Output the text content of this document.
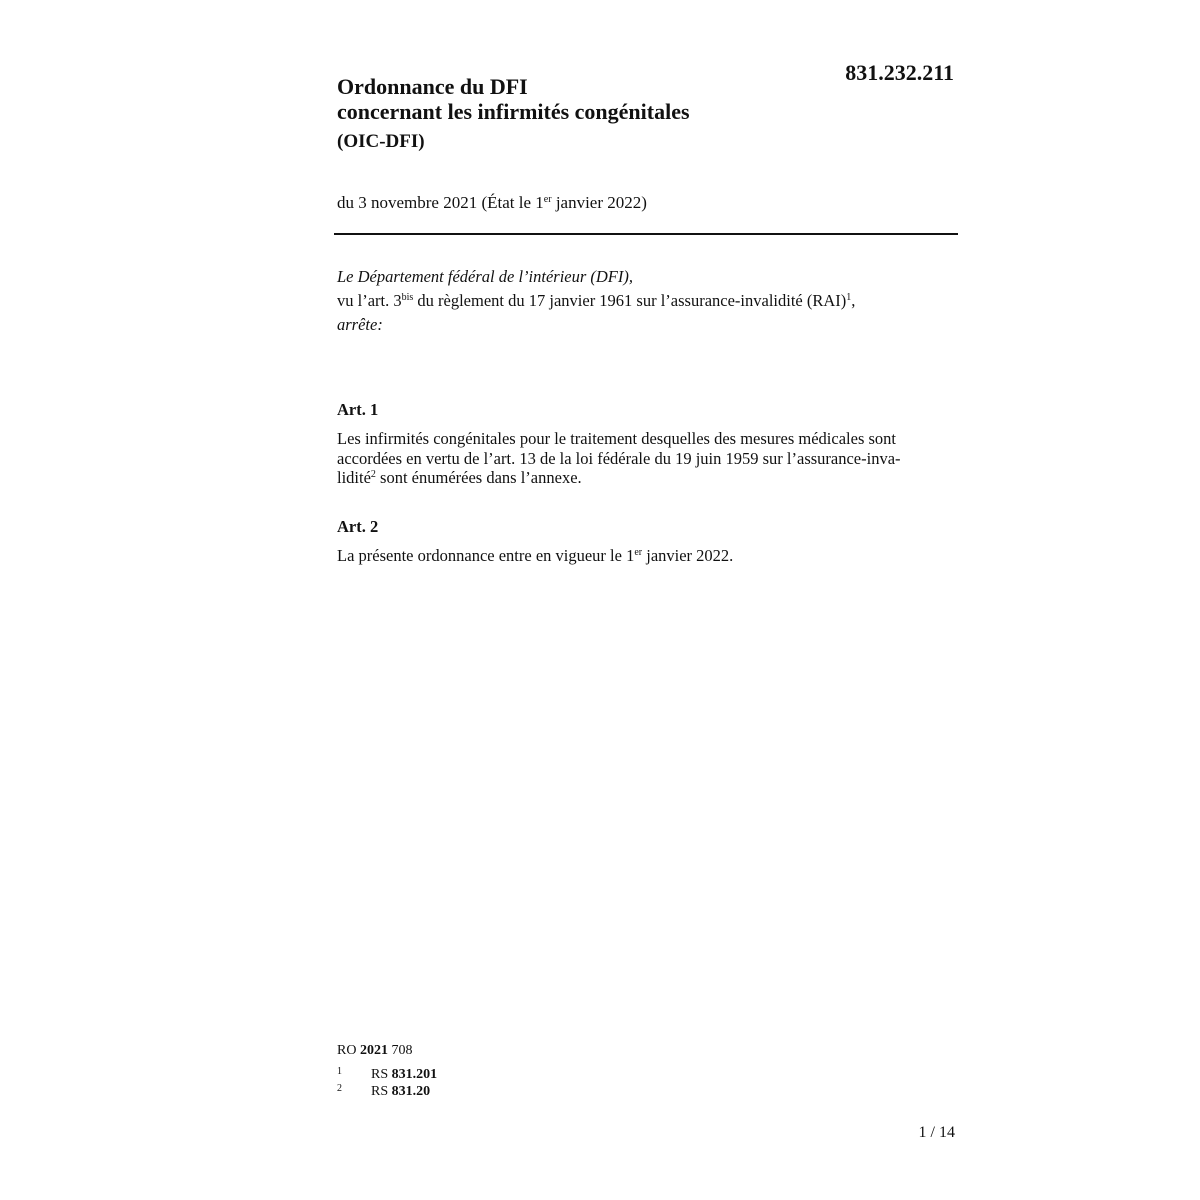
831.232.211
Ordonnance du DFI
concernant les infirmités congénitales
(OIC-DFI)
du 3 novembre 2021 (État le 1er janvier 2022)
Le Département fédéral de l’intérieur (DFI),
vu l’art. $3^{bis}$ du règlement du 17 janvier 1961 sur l’assurance-invalidité (RAI)$^1$,
arrête:
Art. 1
Les infirmités congénitales pour le traitement desquelles des mesures médicales sont
accordées en vertu de l’art. 13 de la loi fédérale du 19 juin 1959 sur l’assurance-inva-
lidité$^2$ sont énumérées dans l’annexe.
Art. 2
La présente ordonnance entre en vigueur le 1er janvier 2022.
RO 2021 708
1 RS 831.201
2 RS 831.20
1 / 14
